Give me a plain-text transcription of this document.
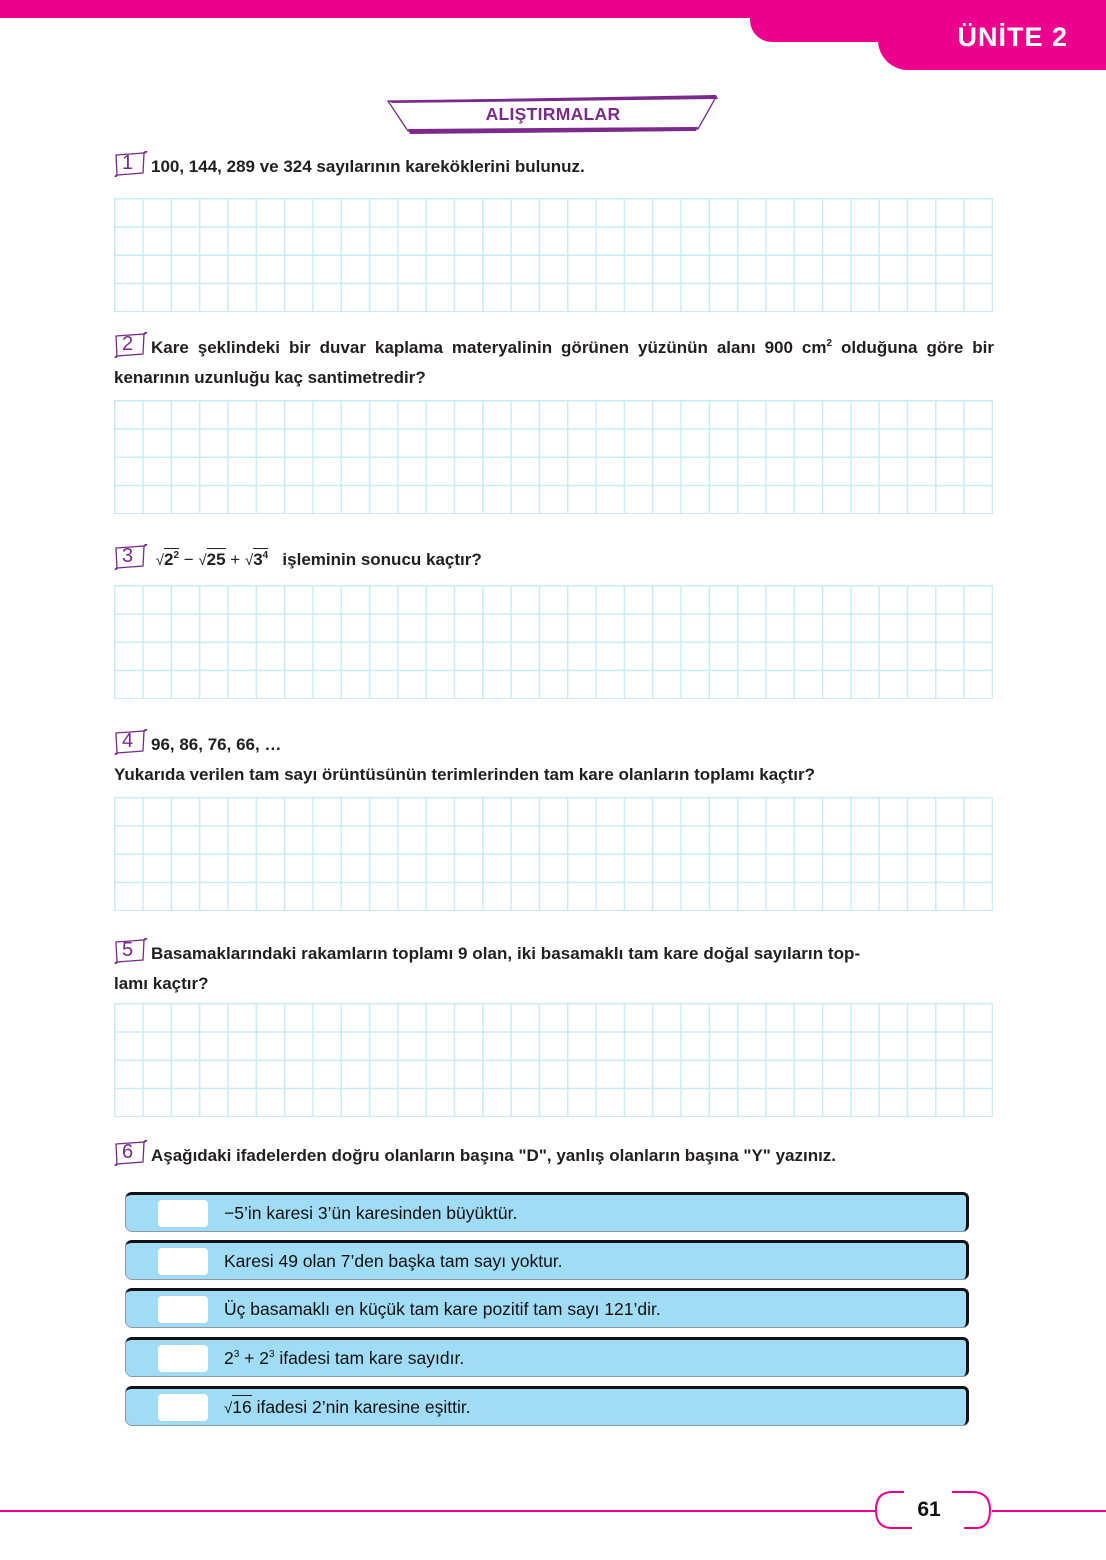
ÜNİTE 2
ALIŞTIRMALAR
1 100, 144, 289 ve 324 sayılarının kareköklerini bulunuz.
2 Kare şeklindeki bir duvar kaplama materyalinin görünen yüzünün alanı 900 $cm^2$ olduğuna göre bir kenarının uzunluğu kaç santimetredir?
3 $√2^2 - √25 + √3^4$ işleminin sonucu kaçtır?
4 96, 86, 76, 66, …
Yukarıda verilen tam sayı örüntüsünün terimlerinden tam kare olanların toplamı kaçtır?
5 Basamaklarındaki rakamların toplamı 9 olan, iki basamaklı tam kare doğal sayıların top-
lamı kaçtır?
6 Aşağıdaki ifadelerden doğru olanların başına "D", yanlış olanların başına "Y" yazınız.
−5’in karesi 3’ün karesinden büyüktür.
Karesi 49 olan 7’den başka tam sayı yoktur.
Üç basamaklı en küçük tam kare pozitif tam sayı 121’dir.
$2^3 + 2^3$ ifadesi tam kare sayıdır.
√16 ifadesi 2’nin karesine eşittir.
61
